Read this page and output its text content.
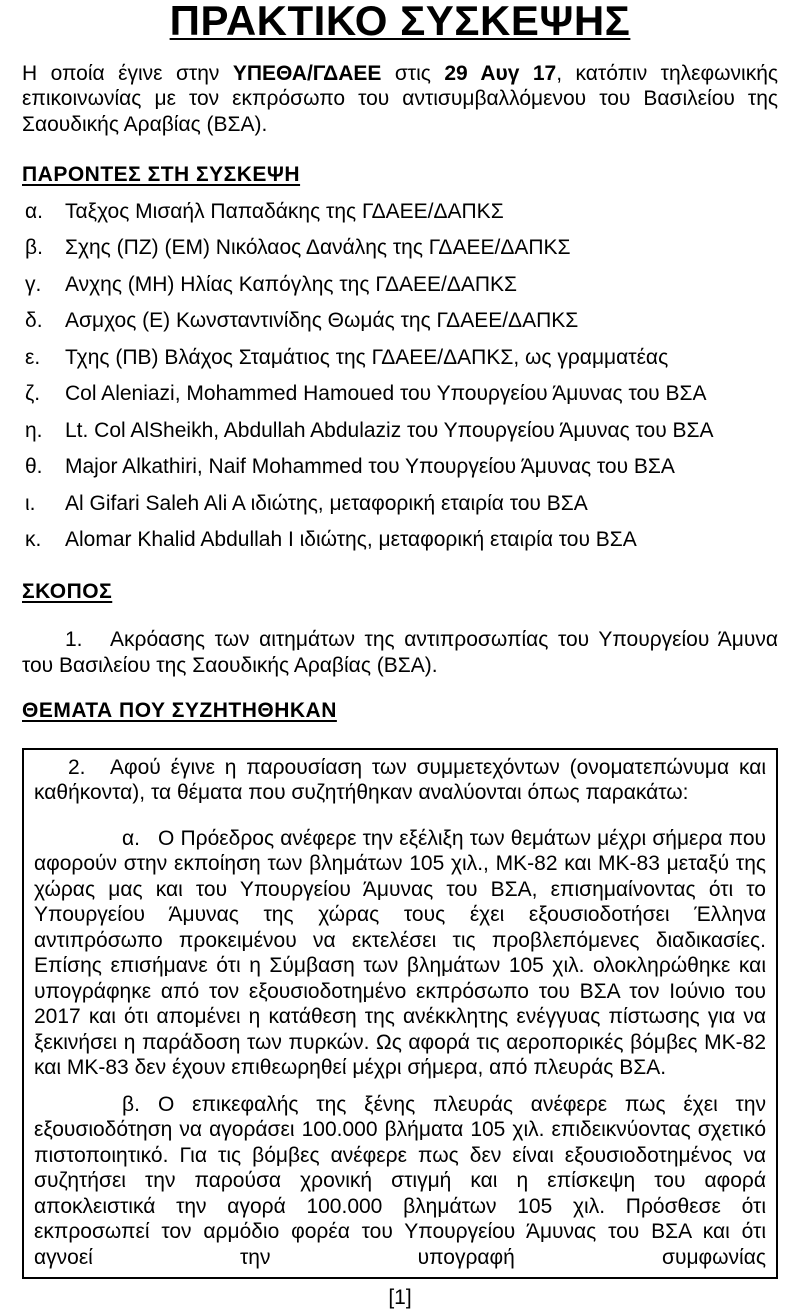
ΠΡΑΚΤΙΚΟ ΣΥΣΚΕΨΗΣ

Η οποία έγινε στην ΥΠΕΘΑ/ΓΔΑΕΕ στις 29 Αυγ 17, κατόπιν τηλεφωνικής επικοινωνίας με τον εκπρόσωπο του αντισυμβαλλόμενου του Βασιλείου της Σαουδικής Αραβίας (ΒΣΑ).

ΠΑΡΟΝΤΕΣ ΣΤΗ ΣΥΣΚΕΨΗ
α.	Ταξχος Μισαήλ Παπαδάκης της ΓΔΑΕΕ/ΔΑΠΚΣ
β.	Σχης (ΠΖ) (ΕΜ) Νικόλαος Δανάλης της ΓΔΑΕΕ/ΔΑΠΚΣ
γ.	Ανχης (ΜΗ) Ηλίας Καπόγλης της ΓΔΑΕΕ/ΔΑΠΚΣ
δ.	Ασμχος (Ε) Κωνσταντινίδης Θωμάς της ΓΔΑΕΕ/ΔΑΠΚΣ
ε.	Τχης (ΠΒ) Βλάχος Σταμάτιος της ΓΔΑΕΕ/ΔΑΠΚΣ, ως γραμματέας
ζ.	Col Aleniazi, Mohammed Hamoued του Υπουργείου Άμυνας του ΒΣΑ
η.	Lt. Col AlSheikh, Abdullah Abdulaziz του Υπουργείου Άμυνας του ΒΣΑ
θ.	Major Alkathiri, Naif Mohammed του Υπουργείου Άμυνας του ΒΣΑ
ι.	Al Gifari Saleh Ali A ιδιώτης, μεταφορική εταιρία του ΒΣΑ
κ.	Alomar Khalid Abdullah I ιδιώτης, μεταφορική εταιρία του ΒΣΑ
ΣΚΟΠΟΣ

1. Ακρόασης των αιτημάτων της αντιπροσωπίας του Υπουργείου Άμυνα του Βασιλείου της Σαουδικής Αραβίας (ΒΣΑ).

ΘΕΜΑΤΑ ΠΟΥ ΣΥΖΗΤΗΘΗΚΑΝ

2. Αφού έγινε η παρουσίαση των συμμετεχόντων (ονοματεπώνυμα και καθήκοντα), τα θέματα που συζητήθηκαν αναλύονται όπως παρακάτω:

α. Ο Πρόεδρος ανέφερε την εξέλιξη των θεμάτων μέχρι σήμερα που αφορούν στην εκποίηση των βλημάτων 105 χιλ., ΜΚ-82 και ΜΚ-83 μεταξύ της χώρας μας και του Υπουργείου Άμυνας του ΒΣΑ, επισημαίνοντας ότι το Υπουργείου Άμυνας της χώρας τους έχει εξουσιοδοτήσει Έλληνα αντιπρόσωπο προκειμένου να εκτελέσει τις προβλεπόμενες διαδικασίες. Επίσης επισήμανε ότι η Σύμβαση των βλημάτων 105 χιλ. ολοκληρώθηκε και υπογράφηκε από τον εξουσιοδοτημένο εκπρόσωπο του ΒΣΑ τον Ιούνιο του 2017 και ότι απομένει η κατάθεση της ανέκκλητης ενέγγυας πίστωσης για να ξεκινήσει η παράδοση των πυρκών. Ως αφορά τις αεροπορικές βόμβες ΜΚ-82 και ΜΚ-83 δεν έχουν επιθεωρηθεί μέχρι σήμερα, από πλευράς ΒΣΑ.

β. Ο επικεφαλής της ξένης πλευράς ανέφερε πως έχει την εξουσιοδότηση να αγοράσει 100.000 βλήματα 105 χιλ. επιδεικνύοντας σχετικό πιστοποιητικό. Για τις βόμβες ανέφερε πως δεν είναι εξουσιοδοτημένος να συζητήσει την παρούσα χρονική στιγμή και η επίσκεψη του αφορά αποκλειστικά την αγορά 100.000 βλημάτων 105 χιλ. Πρόσθεσε ότι εκπροσωπεί τον αρμόδιο φορέα του Υπουργείου Άμυνας του ΒΣΑ και ότι αγνοεί την υπογραφή συμφωνίας

[1]
